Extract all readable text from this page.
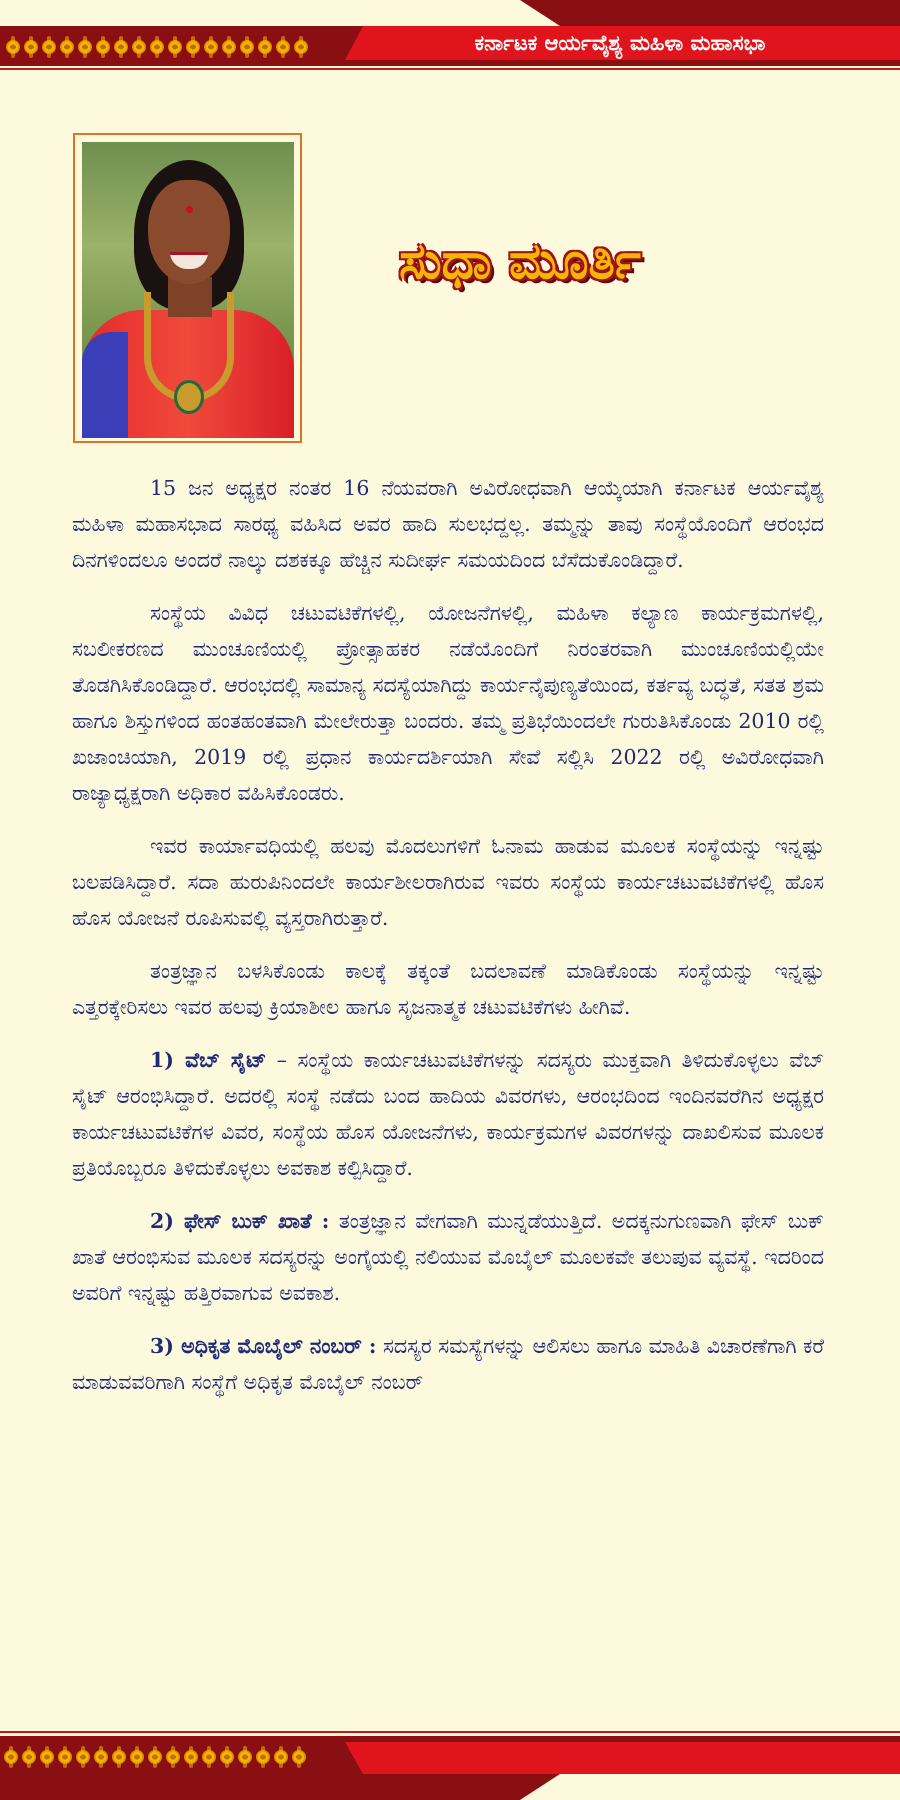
ಕರ್ನಾಟಕ ಆರ್ಯವೈಶ್ಯ ಮಹಿಳಾ ಮಹಾಸಭಾ
ಸುಧಾ ಮೂರ್ತಿ

15 ಜನ ಅಧ್ಯಕ್ಷರ ನಂತರ 16 ನೆಯವರಾಗಿ ಅವಿರೋಧವಾಗಿ ಆಯ್ಕೆಯಾಗಿ ಕರ್ನಾಟಕ ಆರ್ಯವೈಶ್ಯ ಮಹಿಳಾ ಮಹಾಸಭಾದ ಸಾರಥ್ಯ ವಹಿಸಿದ ಅವರ ಹಾದಿ ಸುಲಭದ್ದಲ್ಲ. ತಮ್ಮನ್ನು ತಾವು ಸಂಸ್ಥೆಯೊಂದಿಗೆ ಆರಂಭದ ದಿನಗಳಿಂದಲೂ ಅಂದರೆ ನಾಲ್ಕು ದಶಕಕ್ಕೂ ಹೆಚ್ಚಿನ ಸುದೀರ್ಘ ಸಮಯದಿಂದ ಬೆಸೆದುಕೊಂಡಿದ್ದಾರೆ.

ಸಂಸ್ಥೆಯ ವಿವಿಧ ಚಟುವಟಿಕೆಗಳಲ್ಲಿ, ಯೋಜನೆಗಳಲ್ಲಿ, ಮಹಿಳಾ ಕಲ್ಯಾಣ ಕಾರ್ಯಕ್ರಮಗಳಲ್ಲಿ, ಸಬಲೀಕರಣದ ಮುಂಚೂಣಿಯಲ್ಲಿ ಪ್ರೋತ್ಸಾಹಕರ ನಡೆಯೊಂದಿಗೆ ನಿರಂತರವಾಗಿ ಮುಂಚೂಣಿಯಲ್ಲಿಯೇ ತೊಡಗಿಸಿಕೊಂಡಿದ್ದಾರೆ. ಆರಂಭದಲ್ಲಿ ಸಾಮಾನ್ಯ ಸದಸ್ಯೆಯಾಗಿದ್ದು ಕಾರ್ಯನೈಪುಣ್ಯತೆಯಿಂದ, ಕರ್ತವ್ಯ ಬದ್ಧತೆ, ಸತತ ಶ್ರಮ ಹಾಗೂ ಶಿಸ್ತುಗಳಿಂದ ಹಂತಹಂತವಾಗಿ ಮೇಲೇರುತ್ತಾ ಬಂದರು. ತಮ್ಮ ಪ್ರತಿಭೆಯಿಂದಲೇ ಗುರುತಿಸಿಕೊಂಡು 2010 ರಲ್ಲಿ ಖಜಾಂಚಿಯಾಗಿ, 2019 ರಲ್ಲಿ ಪ್ರಧಾನ ಕಾರ್ಯದರ್ಶಿಯಾಗಿ ಸೇವೆ ಸಲ್ಲಿಸಿ 2022 ರಲ್ಲಿ ಅವಿರೋಧವಾಗಿ ರಾಜ್ಯಾಧ್ಯಕ್ಷರಾಗಿ ಅಧಿಕಾರ ವಹಿಸಿಕೊಂಡರು.

ಇವರ ಕಾರ್ಯಾವಧಿಯಲ್ಲಿ ಹಲವು ಮೊದಲುಗಳಿಗೆ ಓನಾಮ ಹಾಡುವ ಮೂಲಕ ಸಂಸ್ಥೆಯನ್ನು ಇನ್ನಷ್ಟು ಬಲಪಡಿಸಿದ್ದಾರೆ. ಸದಾ ಹುರುಪಿನಿಂದಲೇ ಕಾರ್ಯಶೀಲರಾಗಿರುವ ಇವರು ಸಂಸ್ಥೆಯ ಕಾರ್ಯಚಟುವಟಿಕೆಗಳಲ್ಲಿ ಹೊಸ ಹೊಸ ಯೋಜನೆ ರೂಪಿಸುವಲ್ಲಿ ವ್ಯಸ್ತರಾಗಿರುತ್ತಾರೆ.

ತಂತ್ರಜ್ಞಾನ ಬಳಸಿಕೊಂಡು ಕಾಲಕ್ಕೆ ತಕ್ಕಂತೆ ಬದಲಾವಣೆ ಮಾಡಿಕೊಂಡು ಸಂಸ್ಥೆಯನ್ನು ಇನ್ನಷ್ಟು ಎತ್ತರಕ್ಕೇರಿಸಲು ಇವರ ಹಲವು ಕ್ರಿಯಾಶೀಲ ಹಾಗೂ ಸೃಜನಾತ್ಮಕ ಚಟುವಟಿಕೆಗಳು ಹೀಗಿವೆ.

1) ವೆಬ್ ಸೈಟ್ – ಸಂಸ್ಥೆಯ ಕಾರ್ಯಚಟುವಟಿಕೆಗಳನ್ನು ಸದಸ್ಯರು ಮುಕ್ತವಾಗಿ ತಿಳಿದುಕೊಳ್ಳಲು ವೆಬ್ ಸೈಟ್ ಆರಂಭಿಸಿದ್ದಾರೆ. ಅದರಲ್ಲಿ ಸಂಸ್ಥೆ ನಡೆದು ಬಂದ ಹಾದಿಯ ವಿವರಗಳು, ಆರಂಭದಿಂದ ಇಂದಿನವರೆಗಿನ ಅಧ್ಯಕ್ಷರ ಕಾರ್ಯಚಟುವಟಿಕೆಗಳ ವಿವರ, ಸಂಸ್ಥೆಯ ಹೊಸ ಯೋಜನೆಗಳು, ಕಾರ್ಯಕ್ರಮಗಳ ವಿವರಗಳನ್ನು ದಾಖಲಿಸುವ ಮೂಲಕ ಪ್ರತಿಯೊಬ್ಬರೂ ತಿಳಿದುಕೊಳ್ಳಲು ಅವಕಾಶ ಕಲ್ಪಿಸಿದ್ದಾರೆ.

2) ಫೇಸ್ ಬುಕ್ ಖಾತೆ : ತಂತ್ರಜ್ಞಾನ ವೇಗವಾಗಿ ಮುನ್ನಡೆಯುತ್ತಿದೆ. ಅದಕ್ಕನುಗುಣವಾಗಿ ಫೇಸ್ ಬುಕ್ ಖಾತೆ ಆರಂಭಿಸುವ ಮೂಲಕ ಸದಸ್ಯರನ್ನು ಅಂಗೈಯಲ್ಲಿ ನಲಿಯುವ ಮೊಬೈಲ್ ಮೂಲಕವೇ ತಲುಪುವ ವ್ಯವಸ್ಥೆ. ಇದರಿಂದ ಅವರಿಗೆ ಇನ್ನಷ್ಟು ಹತ್ತಿರವಾಗುವ ಅವಕಾಶ.

3) ಅಧಿಕೃತ ಮೊಬೈಲ್ ನಂಬರ್ : ಸದಸ್ಯರ ಸಮಸ್ಯೆಗಳನ್ನು ಆಲಿಸಲು ಹಾಗೂ ಮಾಹಿತಿ ವಿಚಾರಣೆಗಾಗಿ ಕರೆ ಮಾಡುವವರಿಗಾಗಿ ಸಂಸ್ಥೆಗೆ ಅಧಿಕೃತ ಮೊಬೈಲ್ ನಂಬರ್
